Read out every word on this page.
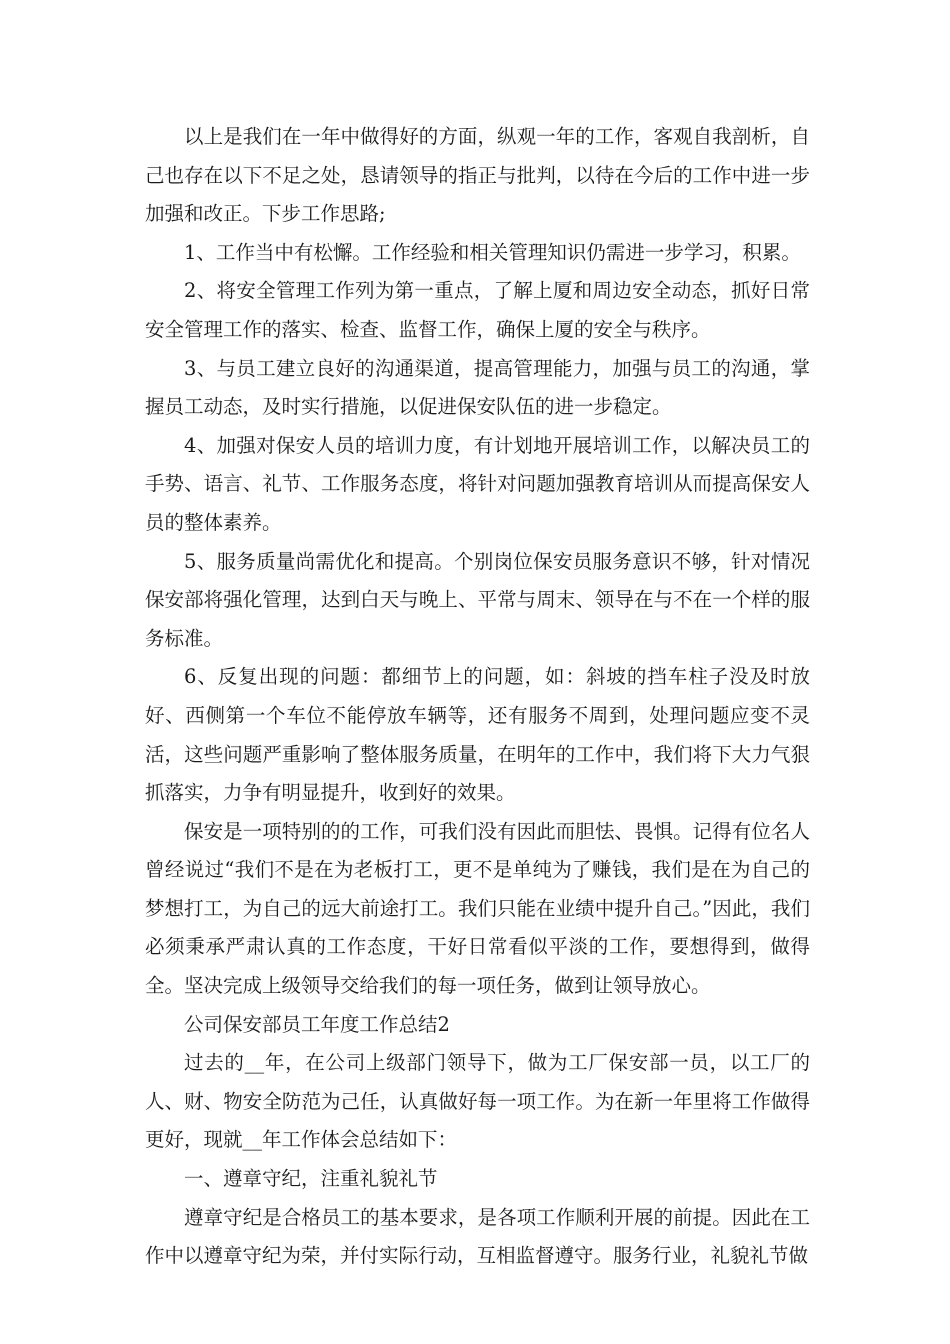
以上是我们在一年中做得好的方面，纵观一年的工作，客观自我剖析，自己也存在以下不足之处，恳请领导的指正与批判，以待在今后的工作中进一步加强和改正。下步工作思路;

1、工作当中有松懈。工作经验和相关管理知识仍需进一步学习，积累。

2、将安全管理工作列为第一重点，了解上厦和周边安全动态，抓好日常安全管理工作的落实、检查、监督工作，确保上厦的安全与秩序。

3、与员工建立良好的沟通渠道，提高管理能力，加强与员工的沟通，掌握员工动态，及时实行措施，以促进保安队伍的进一步稳定。

4、加强对保安人员的培训力度，有计划地开展培训工作，以解决员工的手势、语言、礼节、工作服务态度，将针对问题加强教育培训从而提高保安人员的整体素养。

5、服务质量尚需优化和提高。个别岗位保安员服务意识不够，针对情况保安部将强化管理，达到白天与晚上、平常与周末、领导在与不在一个样的服务标准。

6、反复出现的问题：都细节上的问题，如：斜坡的挡车柱子没及时放好、西侧第一个车位不能停放车辆等，还有服务不周到，处理问题应变不灵活，这些问题严重影响了整体服务质量，在明年的工作中，我们将下大力气狠抓落实，力争有明显提升，收到好的效果。

保安是一项特别的的工作，可我们没有因此而胆怯、畏惧。记得有位名人曾经说过“我们不是在为老板打工，更不是单纯为了赚钱，我们是在为自己的梦想打工，为自己的远大前途打工。我们只能在业绩中提升自己。”因此，我们必须秉承严肃认真的工作态度，干好日常看似平淡的工作，要想得到，做得全。坚决完成上级领导交给我们的每一项任务，做到让领导放心。

公司保安部员工年度工作总结2

过去的__年，在公司上级部门领导下，做为工厂保安部一员，以工厂的人、财、物安全防范为己任，认真做好每一项工作。为在新一年里将工作做得更好，现就__年工作体会总结如下：

一、遵章守纪，注重礼貌礼节

遵章守纪是合格员工的基本要求，是各项工作顺利开展的前提。因此在工作中以遵章守纪为荣，并付实际行动，互相监督遵守。服务行业，礼貌礼节做
